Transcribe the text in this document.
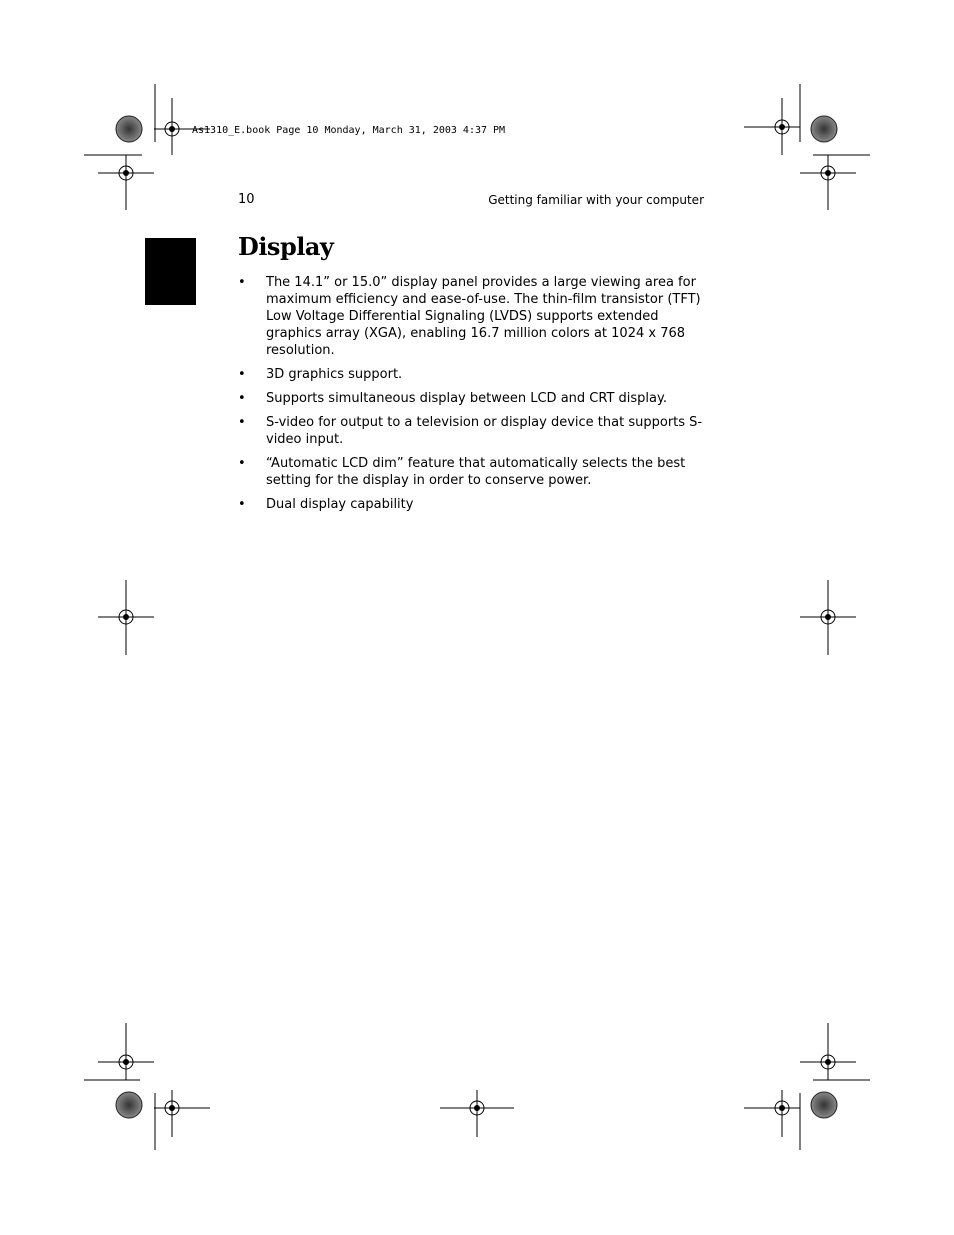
As1310_E.book Page 10 Monday, March 31, 2003 4:37 PM
10	Getting familiar with your computer
Display
• The 14.1” or 15.0” display panel provides a large viewing area for maximum efficiency and ease-of-use. The thin-film transistor (TFT) Low Voltage Differential Signaling (LVDS) supports extended graphics array (XGA), enabling 16.7 million colors at 1024 x 768 resolution.
• 3D graphics support.
• Supports simultaneous display between LCD and CRT display.
• S-video for output to a television or display device that supports S-video input.
• “Automatic LCD dim” feature that automatically selects the best setting for the display in order to conserve power.
• Dual display capability
